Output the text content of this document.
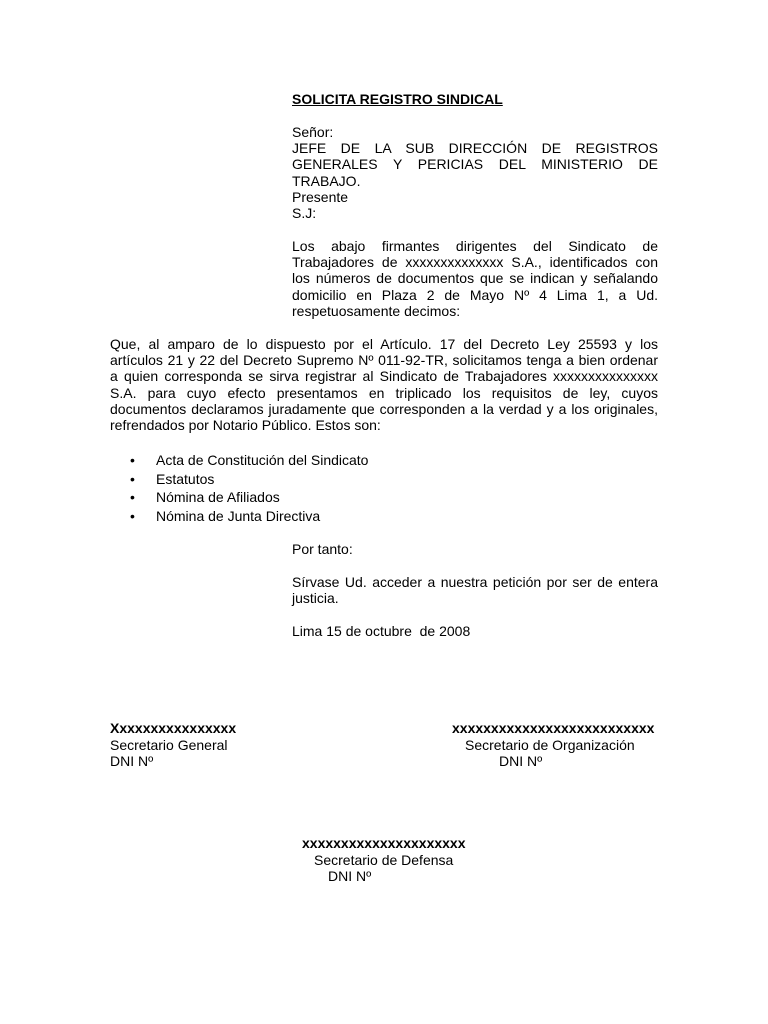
SOLICITA REGISTRO SINDICAL
Señor:
JEFE DE LA SUB DIRECCIÓN DE REGISTROS
GENERALES Y PERICIAS DEL MINISTERIO DE
TRABAJO.
Presente
S.J:
Los abajo firmantes dirigentes del Sindicato de
Trabajadores de xxxxxxxxxxxxxx S.A., identificados con
los números de documentos que se indican y señalando
domicilio en Plaza 2 de Mayo Nº 4 Lima 1, a Ud.
respetuosamente decimos:
Que, al amparo de lo dispuesto por el Artículo. 17 del Decreto Ley 25593 y los
artículos 21 y 22 del Decreto Supremo Nº 011-92-TR, solicitamos tenga a bien ordenar
a quien corresponda se sirva registrar al Sindicato de Trabajadores xxxxxxxxxxxxxxx
S.A. para cuyo efecto presentamos en triplicado los requisitos de ley, cuyos
documentos declaramos juradamente que corresponden a la verdad y a los originales,
refrendados por Notario Público. Estos son:
• Acta de Constitución del Sindicato
• Estatutos
• Nómina de Afiliados
• Nómina de Junta Directiva
Por tanto:
Sírvase Ud. acceder a nuestra petición por ser de entera
justicia.
Lima 15 de octubre  de 2008
Xxxxxxxxxxxxxxxx
Secretario General
DNI Nº
xxxxxxxxxxxxxxxxxxxxxxxxxx
Secretario de Organización
DNI Nº
xxxxxxxxxxxxxxxxxxxxx
Secretario de Defensa
DNI Nº
